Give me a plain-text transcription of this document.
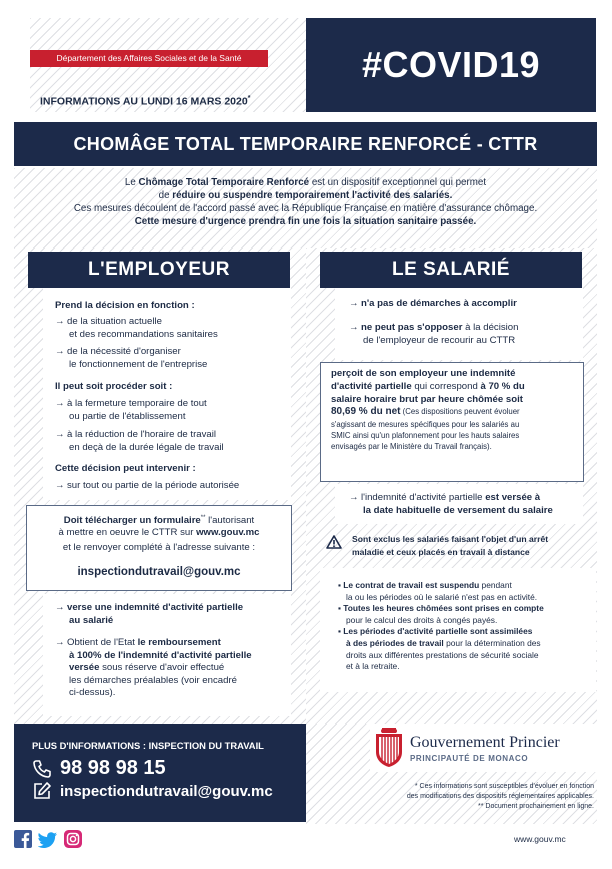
Département des Affaires Sociales et de la Santé	#COVID19
INFORMATIONS AU LUNDI 16 MARS 2020*
CHOMÂGE TOTAL TEMPORAIRE RENFORCÉ - CTTR
Le Chômage Total Temporaire Renforcé est un dispositif exceptionnel qui permet
de réduire ou suspendre temporairement l'activité des salariés.
Ces mesures découlent de l'accord passé avec la République Française en matière d'assurance chômage.
Cette mesure d'urgence prendra fin une fois la situation sanitaire passée.
L'EMPLOYEUR	LE SALARIÉ
Prend la décision en fonction :
→ de la situation actuelle
et des recommandations sanitaires
→ de la nécessité d'organiser
le fonctionnement de l'entreprise
Il peut soit procéder soit :
→ à la fermeture temporaire de tout
ou partie de l'établissement
→ à la réduction de l'horaire de travail
en deçà de la durée légale de travail
Cette décision peut intervenir :
→ sur tout ou partie de la période autorisée
Doit télécharger un formulaire** l'autorisant
à mettre en oeuvre le CTTR sur www.gouv.mc
et le renvoyer complété à l'adresse suivante :
inspectiondutravail@gouv.mc
→ verse une indemnité d'activité partielle
au salarié
→ Obtient de l'Etat le remboursement
à 100% de l'indemnité d'activité partielle
versée sous réserve d'avoir effectué
les démarches préalables (voir encadré
ci-dessus).
→ n'a pas de démarches à accomplir
→ ne peut pas s'opposer à la décision
de l'employeur de recourir au CTTR
perçoit de son employeur une indemnité
d'activité partielle qui correspond à 70 % du
salaire horaire brut par heure chômée soit
80,69 % du net (Ces dispositions peuvent évoluer
s'agissant de mesures spécifiques pour les salariés au
SMIC ainsi qu'un plafonnement pour les hauts salaires
envisagés par le Ministère du Travail français).
→ l'indemnité d'activité partielle est versée à
la date habituelle de versement du salaire
Sont exclus les salariés faisant l'objet d'un arrêt
maladie et ceux placés en travail à distance
▪ Le contrat de travail est suspendu pendant
la ou les périodes où le salarié n'est pas en activité.
▪ Toutes les heures chômées sont prises en compte
pour le calcul des droits à congés payés.
▪ Les périodes d'activité partielle sont assimilées
à des périodes de travail pour la détermination des
droits aux différentes prestations de sécurité sociale
et à la retraite.
PLUS D'INFORMATIONS : INSPECTION DU TRAVAIL
98 98 98 15
inspectiondutravail@gouv.mc
Gouvernement Princier
PRINCIPAUTÉ DE MONACO
* Ces informations sont susceptibles d'évoluer en fonction
des modifications des dispositifs réglementaires applicables.
** Document prochainement en ligne.
www.gouv.mc
